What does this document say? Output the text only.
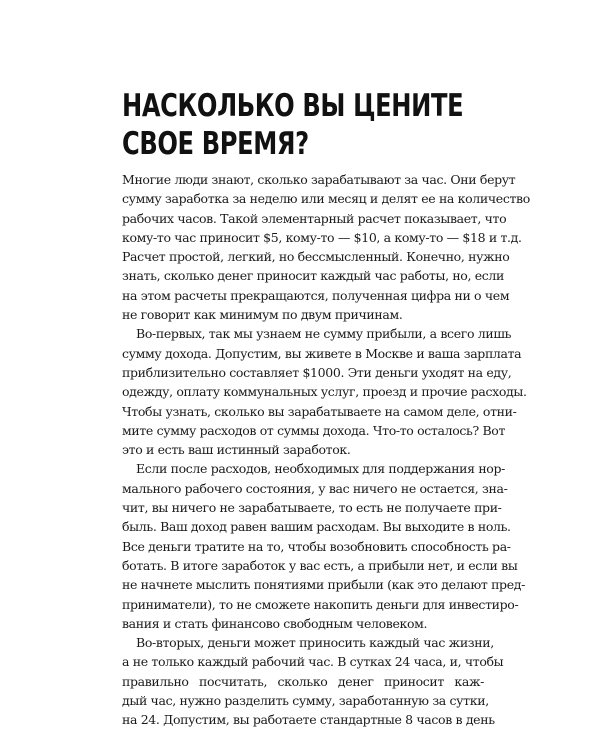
НАСКОЛЬКО ВЫ ЦЕНИТЕ
СВОЕ ВРЕМЯ?
Многие люди знают, сколько зарабатывают за час. Они берут
сумму заработка за неделю или месяц и делят ее на количество
рабочих часов. Такой элементарный расчет показывает, что
кому-то час приносит $5, кому-то — $10, а кому-то — $18 и т.д.
Расчет простой, легкий, но бессмысленный. Конечно, нужно
знать, сколько денег приносит каждый час работы, но, если
на этом расчеты прекращаются, полученная цифра ни о чем
не говорит как минимум по двум причинам.
Во-первых, так мы узнаем не сумму прибыли, а всего лишь
сумму дохода. Допустим, вы живете в Москве и ваша зарплата
приблизительно составляет $1000. Эти деньги уходят на еду,
одежду, оплату коммунальных услуг, проезд и прочие расходы.
Чтобы узнать, сколько вы зарабатываете на самом деле, отни-
мите сумму расходов от суммы дохода. Что-то осталось? Вот
это и есть ваш истинный заработок.
Если после расходов, необходимых для поддержания нор-
мального рабочего состояния, у вас ничего не остается, зна-
чит, вы ничего не зарабатываете, то есть не получаете при-
быль. Ваш доход равен вашим расходам. Вы выходите в ноль.
Все деньги тратите на то, чтобы возобновить способность ра-
ботать. В итоге заработок у вас есть, а прибыли нет, и если вы
не начнете мыслить понятиями прибыли (как это делают пред-
приниматели), то не сможете накопить деньги для инвестиро-
вания и стать финансово свободным человеком.
Во-вторых, деньги может приносить каждый час жизни,
а не только каждый рабочий час. В сутках 24 часа, и, чтобы
правильно посчитать, сколько денег приносит каж-
дый час, нужно разделить сумму, заработанную за сутки,
на 24. Допустим, вы работаете стандартные 8 часов в день
